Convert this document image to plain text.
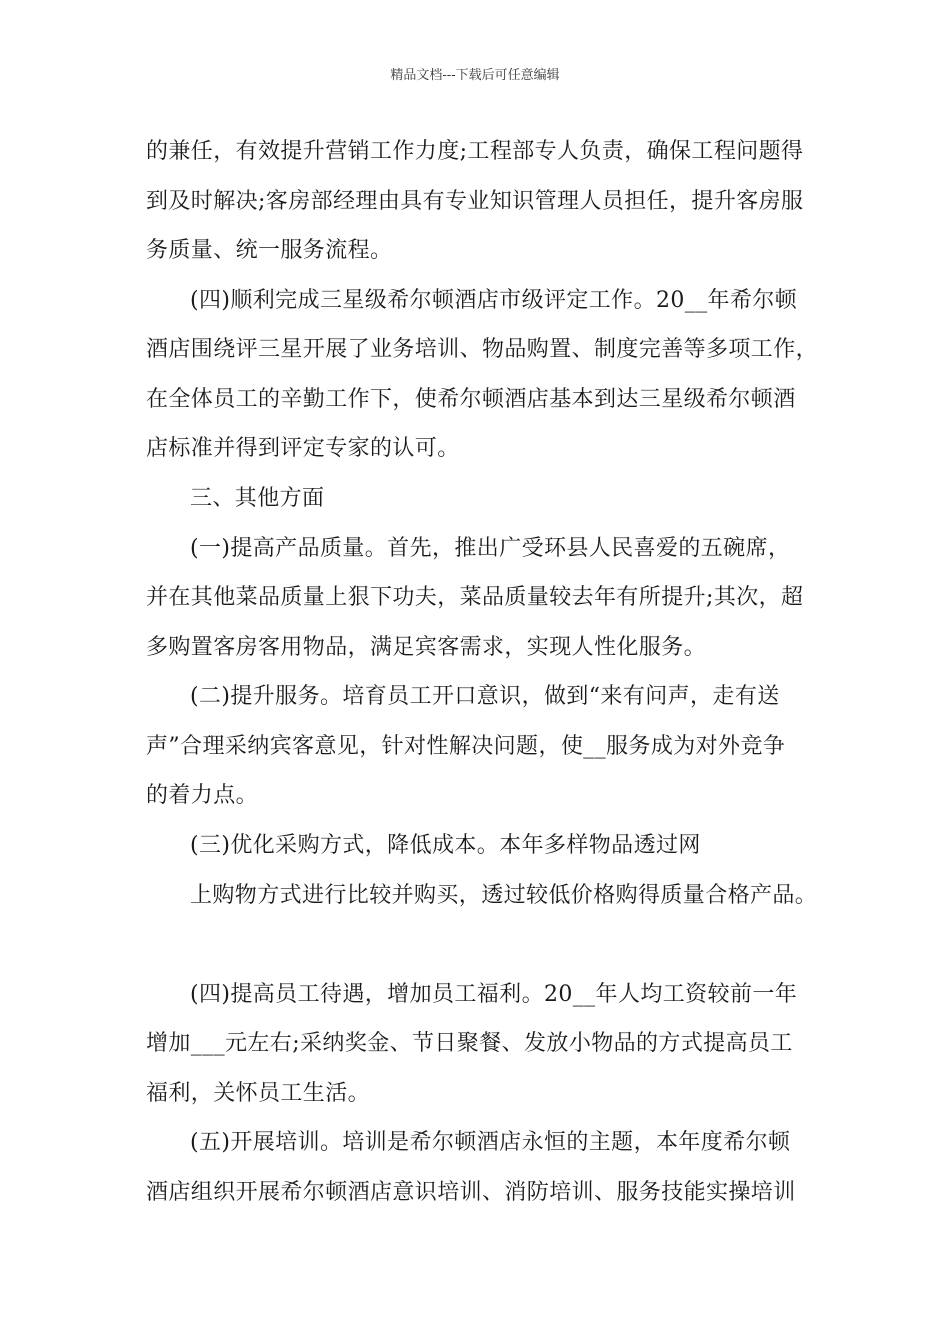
精品文档---下载后可任意编辑
的兼任，有效提升营销工作力度;工程部专人负责，确保工程问题得
到及时解决;客房部经理由具有专业知识管理人员担任，提升客房服
务质量、统一服务流程。
(四)顺利完成三星级希尔顿酒店市级评定工作。20__年希尔顿
酒店围绕评三星开展了业务培训、物品购置、制度完善等多项工作，
在全体员工的辛勤工作下，使希尔顿酒店基本到达三星级希尔顿酒
店标准并得到评定专家的认可。
三、其他方面
(一)提高产品质量。首先，推出广受环县人民喜爱的五碗席，
并在其他菜品质量上狠下功夫，菜品质量较去年有所提升;其次，超
多购置客房客用物品，满足宾客需求，实现人性化服务。
(二)提升服务。培育员工开口意识，做到“来有问声，走有送
声”合理采纳宾客意见，针对性解决问题，使__服务成为对外竞争
的着力点。
(三)优化采购方式，降低成本。本年多样物品透过网
上购物方式进行比较并购买，透过较低价格购得质量合格产品。
(四)提高员工待遇，增加员工福利。20__年人均工资较前一年
增加___元左右;采纳奖金、节日聚餐、发放小物品的方式提高员工
福利，关怀员工生活。
(五)开展培训。培训是希尔顿酒店永恒的主题，本年度希尔顿
酒店组织开展希尔顿酒店意识培训、消防培训、服务技能实操培训
